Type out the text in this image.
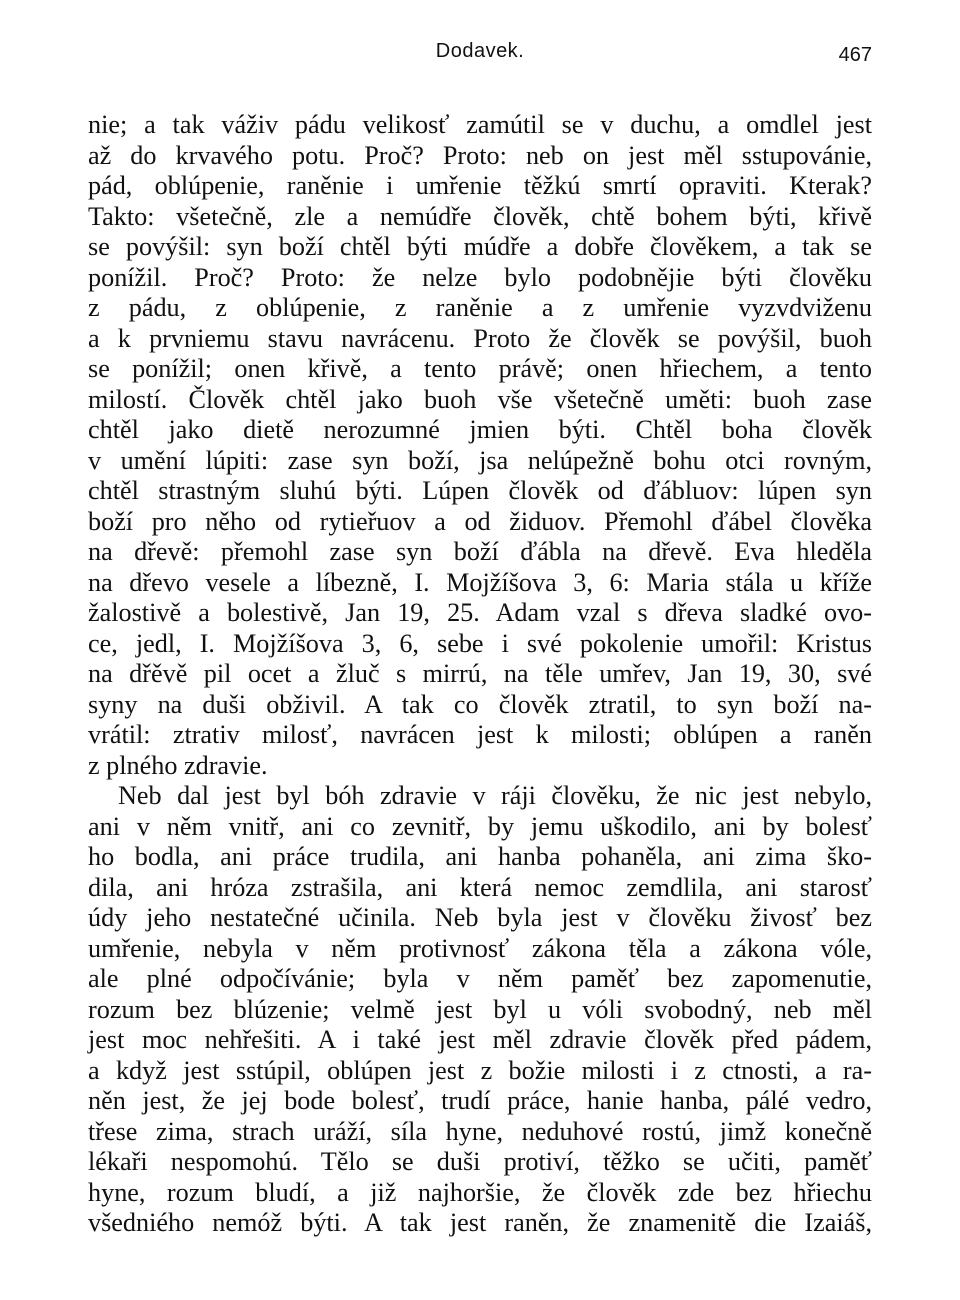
Dodavek.	467
nie; a tak váživ pádu velikosť zamútil se v duchu, a omdlel jest
až do krvavého potu. Proč? Proto: neb on jest měl sstupovánie,
pád, oblúpenie, raněnie i umřenie těžkú smrtí opraviti. Kterak?
Takto: všetečně, zle a nemúdře člověk, chtě bohem býti, křivě
se povýšil: syn boží chtěl býti múdře a dobře člověkem, a tak se
ponížil. Proč? Proto: že nelze bylo podobnějie býti člověku
z pádu, z oblúpenie, z raněnie a z umřenie vyzvdviženu
a k prvniemu stavu navrácenu. Proto že člověk se povýšil, buoh
se ponížil; onen křivě, a tento právě; onen hřiechem, a tento
milostí. Člověk chtěl jako buoh vše všetečně uměti: buoh zase
chtěl jako dietě nerozumné jmien býti. Chtěl boha člověk
v umění lúpiti: zase syn boží, jsa nelúpežně bohu otci rovným,
chtěl strastným sluhú býti. Lúpen člověk od ďábluov: lúpen syn
boží pro něho od rytieřuov a od židuov. Přemohl ďábel člověka
na dřevě: přemohl zase syn boží ďábla na dřevě. Eva hleděla
na dřevo vesele a líbezně, I. Mojžíšova 3, 6: Maria stála u kříže
žalostivě a bolestivě, Jan 19, 25. Adam vzal s dřeva sladké ovo-
ce, jedl, I. Mojžíšova 3, 6, sebe i své pokolenie umořil: Kristus
na dřěvě pil ocet a žluč s mirrú, na těle umřev, Jan 19, 30, své
syny na duši obživil. A tak co člověk ztratil, to syn boží na-
vrátil: ztrativ milosť, navrácen jest k milosti; oblúpen a raněn
z plného zdravie.
Neb dal jest byl bóh zdravie v ráji člověku, že nic jest nebylo,
ani v něm vnitř, ani co zevnitř, by jemu uškodilo, ani by bolesť
ho bodla, ani práce trudila, ani hanba pohaněla, ani zima ško-
dila, ani hróza zstrašila, ani která nemoc zemdlila, ani starosť
údy jeho nestatečné učinila. Neb byla jest v člověku živosť bez
umřenie, nebyla v něm protivnosť zákona těla a zákona vóle,
ale plné odpočívánie; byla v něm paměť bez zapomenutie,
rozum bez blúzenie; velmě jest byl u vóli svobodný, neb měl
jest moc nehřešiti. A i také jest měl zdravie člověk před pádem,
a když jest sstúpil, oblúpen jest z božie milosti i z ctnosti, a ra-
něn jest, že jej bode bolesť, trudí práce, hanie hanba, pálé vedro,
třese zima, strach uráží, síla hyne, neduhové rostú, jimž konečně
lékaři nespomohú. Tělo se duši protiví, těžko se učiti, paměť
hyne, rozum bludí, a již najhoršie, že člověk zde bez hřiechu
všedniého nemóž býti. A tak jest raněn, že znamenitě die Izaiáš,
